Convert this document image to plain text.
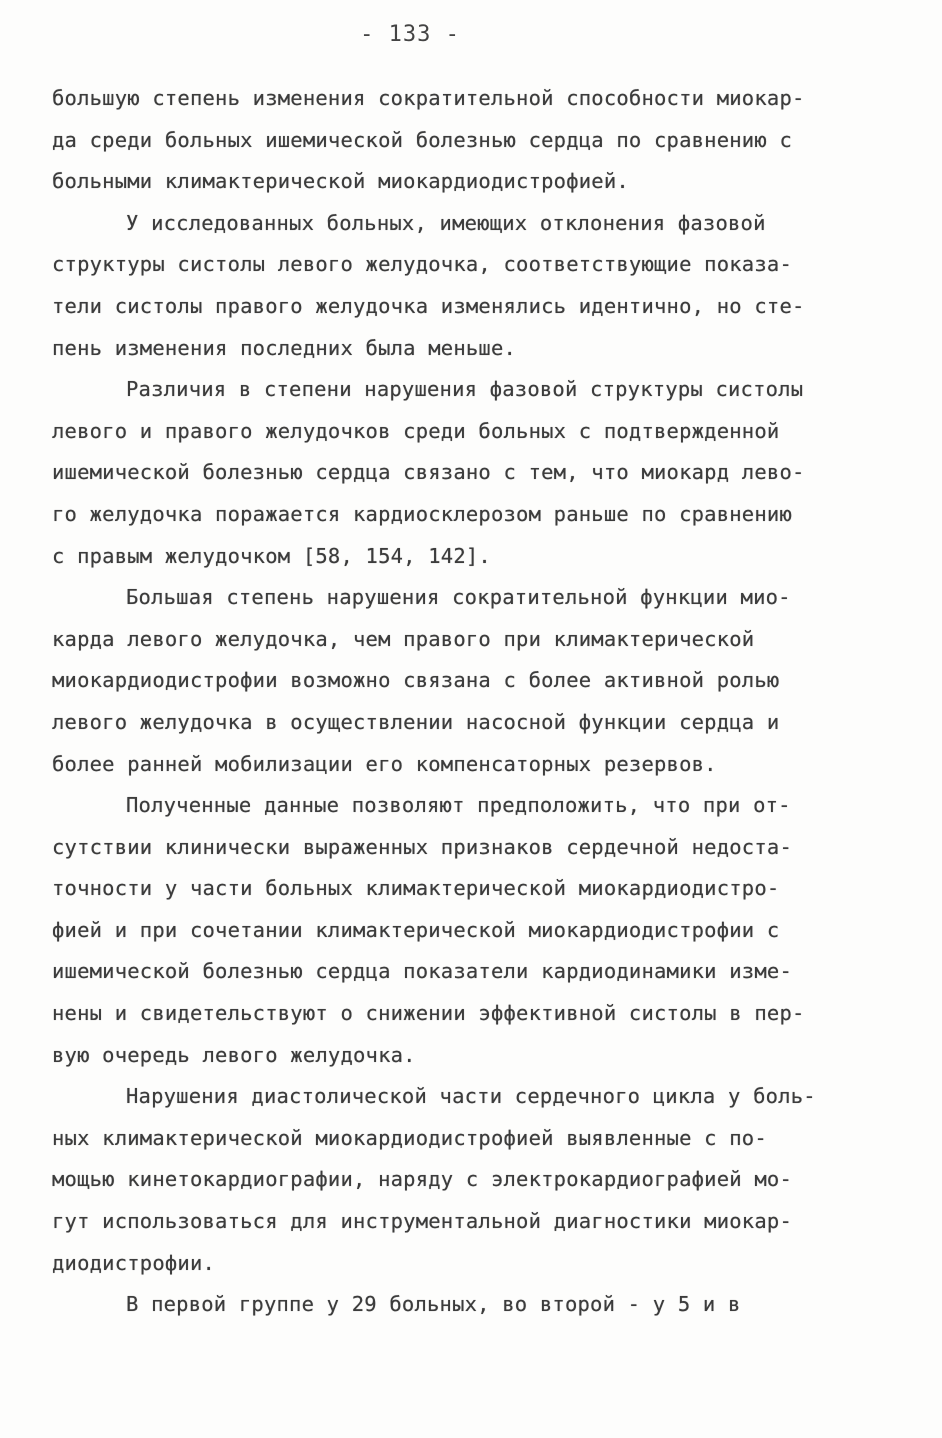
- 133 -
большую степень изменения сократительной способности миокар-
да среди больных ишемической болезнью сердца по сравнению с
больными климактерической миокардиодистрофией.
У исследованных больных, имеющих отклонения фазовой
структуры систолы левого желудочка, соответствующие показа-
тели систолы правого желудочка изменялись идентично, но сте-
пень изменения последних была меньше.
Различия в степени нарушения фазовой структуры систолы
левого и правого желудочков среди больных с подтвержденной
ишемической болезнью сердца связано с тем, что миокард лево-
го желудочка поражается кардиосклерозом раньше по сравнению
с правым желудочком [58, 154, 142].
Большая степень нарушения сократительной функции мио-
карда левого желудочка, чем правого при климактерической
миокардиодистрофии возможно связана с более активной ролью
левого желудочка в осуществлении насосной функции сердца и
более ранней мобилизации его компенсаторных резервов.
Полученные данные позволяют предположить, что при от-
сутствии клинически выраженных признаков сердечной недоста-
точности у части больных климактерической миокардиодистро-
фией и при сочетании климактерической миокардиодистрофии с
ишемической болезнью сердца показатели кардиодинамики изме-
нены и свидетельствуют о снижении эффективной систолы в пер-
вую очередь левого желудочка.
Нарушения диастолической части сердечного цикла у боль-
ных климактерической миокардиодистрофией выявленные с по-
мощью кинетокардиографии, наряду с электрокардиографией мо-
гут использоваться для инструментальной диагностики миокар-
диодистрофии.
В первой группе у 29 больных, во второй - у 5 и в
